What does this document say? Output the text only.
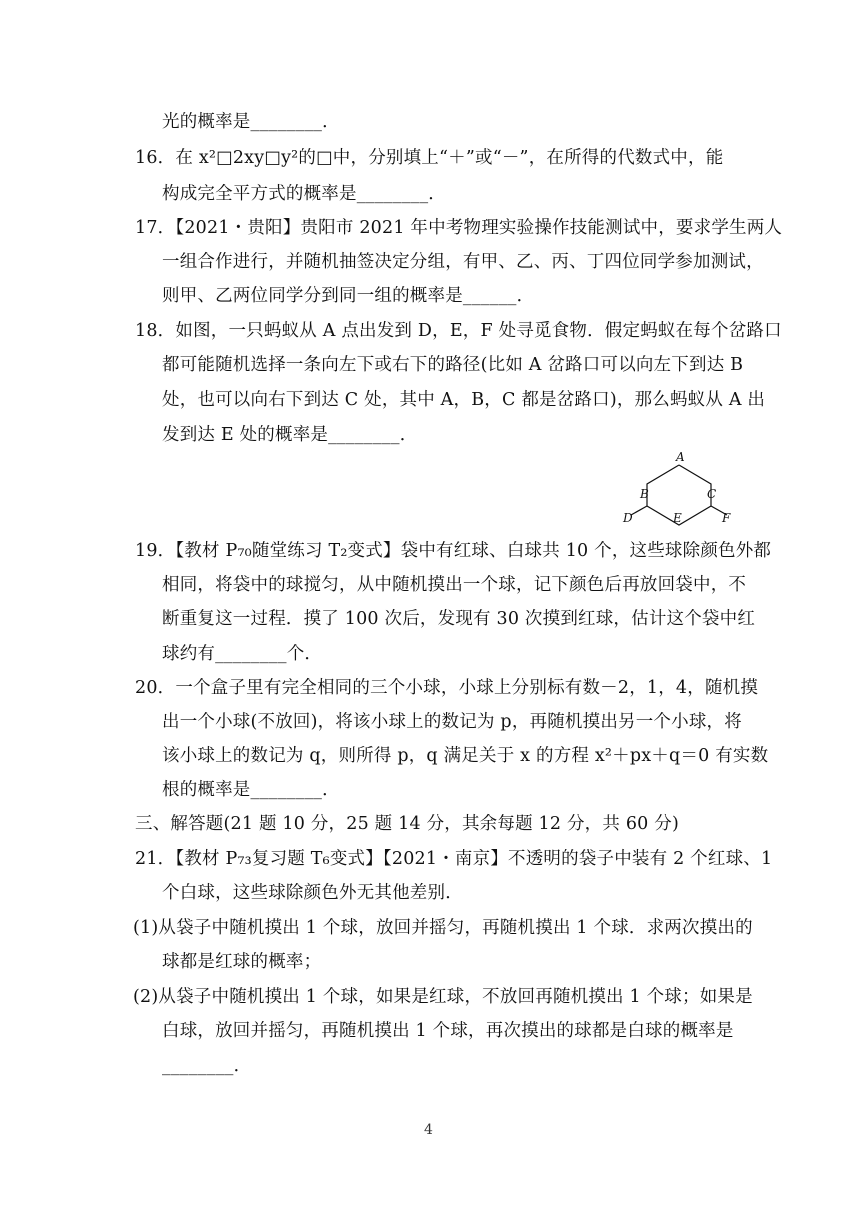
光的概率是________．
16．在 x²□2xy□y²的□中，分别填上“＋”或“－”，在所得的代数式中，能
构成完全平方式的概率是________．
17．【2021・贵阳】贵阳市 2021 年中考物理实验操作技能测试中，要求学生两人
一组合作进行，并随机抽签决定分组，有甲、乙、丙、丁四位同学参加测试，
则甲、乙两位同学分到同一组的概率是______．
18．如图，一只蚂蚁从 A 点出发到 D，E，F 处寻觅食物．假定蚂蚁在每个岔路口
都可能随机选择一条向左下或右下的路径(比如 A 岔路口可以向左下到达 B
处，也可以向右下到达 C 处，其中 A，B，C 都是岔路口)，那么蚂蚁从 A 出
发到达 E 处的概率是________．
A
B	C
D	E	F
19．【教材 P₇₀随堂练习 T₂变式】袋中有红球、白球共 10 个，这些球除颜色外都
相同，将袋中的球搅匀，从中随机摸出一个球，记下颜色后再放回袋中，不
断重复这一过程．摸了 100 次后，发现有 30 次摸到红球，估计这个袋中红
球约有________个．
20．一个盒子里有完全相同的三个小球，小球上分别标有数－2，1，4，随机摸
出一个小球(不放回)，将该小球上的数记为 p，再随机摸出另一个小球，将
该小球上的数记为 q，则所得 p，q 满足关于 x 的方程 x²＋px＋q＝0 有实数
根的概率是________．
三、解答题(21 题 10 分，25 题 14 分，其余每题 12 分，共 60 分)
21．【教材 P₇₃复习题 T₆变式】【2021・南京】不透明的袋子中装有 2 个红球、1
个白球，这些球除颜色外无其他差别．
(1)从袋子中随机摸出 1 个球，放回并摇匀，再随机摸出 1 个球．求两次摸出的
球都是红球的概率；
(2)从袋子中随机摸出 1 个球，如果是红球，不放回再随机摸出 1 个球；如果是
白球，放回并摇匀，再随机摸出 1 个球，再次摸出的球都是白球的概率是
________．
4
